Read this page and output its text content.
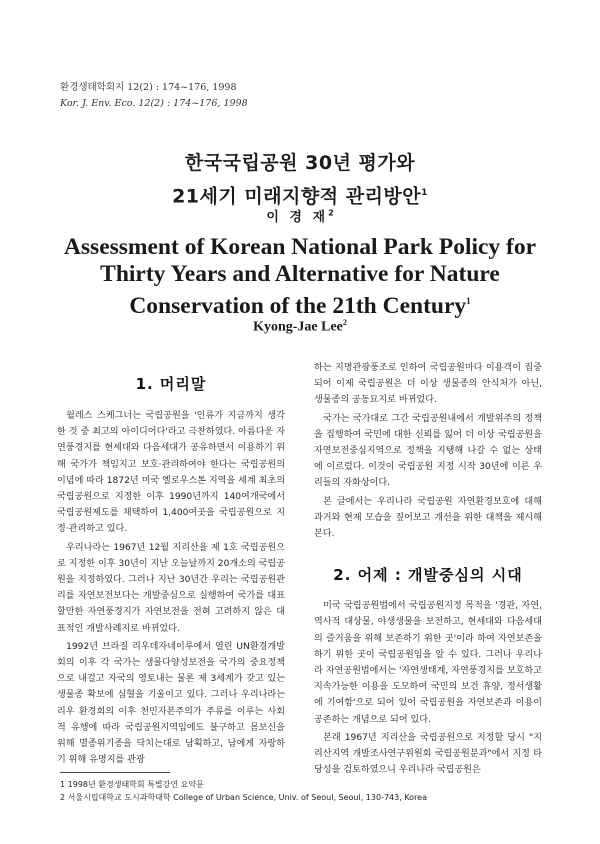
환경생태학회지 12(2) : 174~176, 1998
Kor. J. Env. Eco. 12(2) : 174~176, 1998
한국국립공원 30년 평가와
21세기 미래지향적 관리방안$^1$
이 경 재$^2$
Assessment of Korean National Park Policy for Thirty Years and Alternative for Nature Conservation of the 21th Century$^1$
Kyong-Jae Lee$^2$
1. 머리말

월레스 스케그너는 국립공원을 '인류가 지금까지 생각한 것 중 최고의 아이디어다'라고 극찬하였다. 아름다운 자연풍경지를 현세대와 다음세대가 공유하면서 이용하기 위해 국가가 책임지고 보호·관리하여야 한다는 국립공원의 이념에 따라 1872년 미국 옐로우스톤 지역을 세계 최초의 국립공원으로 지정한 이후 1990년까지 140여개국에서 국립공원제도를 채택하여 1,400여곳을 국립공원으로 지정·관리하고 있다.

우리나라는 1967년 12월 지리산을 제 1호 국립공원으로 지정한 이후 30년이 지난 오늘날까지 20개소의 국립공원을 지정하였다. 그러나 지난 30년간 우리는 국립공원관리를 자연보전보다는 개발중심으로 실행하여 국가를 대표할만한 자연풍경지가 자연보전을 전혀 고려하지 않은 대표적인 개발사례지로 바뀌었다.

1992년 브라질 리우데자네이루에서 열린 UN환경개발회의 이후 각 국가는 생물다양성보전을 국가의 중요정책으로 내걸고 자국의 영토내는 물론 제 3세계가 갖고 있는 생물종 확보에 심혈을 기울이고 있다. 그러나 우리나라는 리우 환경회의 이후 천민자본주의가 주류를 이루는 사회적 유행에 따라 국립공원지역임에도 불구하고 몸보신을 위해 멸종위기종을 닥치는대로 남획하고, 남에게 자랑하기 위해 유명지를 관광

하는 지명관광풍조로 인하여 국립공원마다 이용객이 집중되어 이제 국립공원은 더 이상 생물종의 안식처가 아닌, 생물종의 공동묘지로 바뀌었다.

국가는 국가대로 그간 국립공원내에서 개발위주의 정책을 집행하여 국민에 대한 신뢰를 잃어 더 이상 국립공원을 자연보전중심지역으로 정책을 지탱해 나갈 수 없는 상태에 이르렀다. 이것이 국립공원 지정 시작 30년에 이른 우리들의 자화상이다.

본 글에서는 우리나라 국립공원 자연환경보호에 대해 과거와 현재 모습을 짚어보고 개선을 위한 대책을 제시해 본다.

2. 어제 : 개발중심의 시대

미국 국립공원법에서 국립공원지정 목적을 '경관, 자연, 역사적 대상물, 야생생물을 보전하고, 현세대와 다음세대의 즐거움을 위해 보존하기 위한 곳'이라 하여 자연보존을 하기 위한 곳이 국립공원임을 알 수 있다. 그러나 우리나라 자연공원법에서는 '자연생태계, 자연풍경지를 보호하고 지속가능한 이용을 도모하여 국민의 보건 휴양, 정서생활에 기여함'으로 되어 있어 국립공원을 자연보존과 이용이 공존하는 개념으로 되어 있다.

본래 1967년 지리산을 국립공원으로 지정할 당시 "지리산지역 개발조사연구위원회 국립공원분과"에서 지정 타당성을 검토하였으니 우리나라 국립공원은

1 1998년 환경생태학회 특별강연 요약문
2 서울시립대학교 도시과학대학 College of Urban Science, Univ. of Seoul, Seoul, 130-743, Korea
